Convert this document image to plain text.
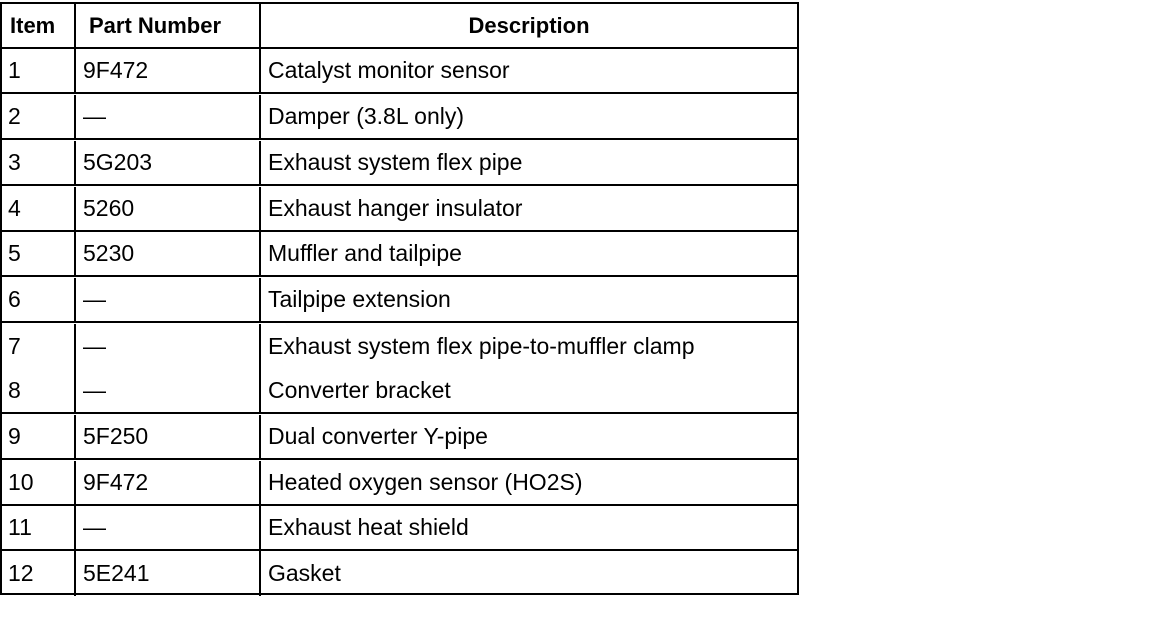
Item	Part Number	Description
1	9F472	Catalyst monitor sensor
2	—	Damper (3.8L only)
3	5G203	Exhaust system flex pipe
4	5260	Exhaust hanger insulator
5	5230	Muffler and tailpipe
6	—	Tailpipe extension
7	—	Exhaust system flex pipe-to-muffler clamp
8	—	Converter bracket
9	5F250	Dual converter Y-pipe
10	9F472	Heated oxygen sensor (HO2S)
11	—	Exhaust heat shield
12	5E241	Gasket
